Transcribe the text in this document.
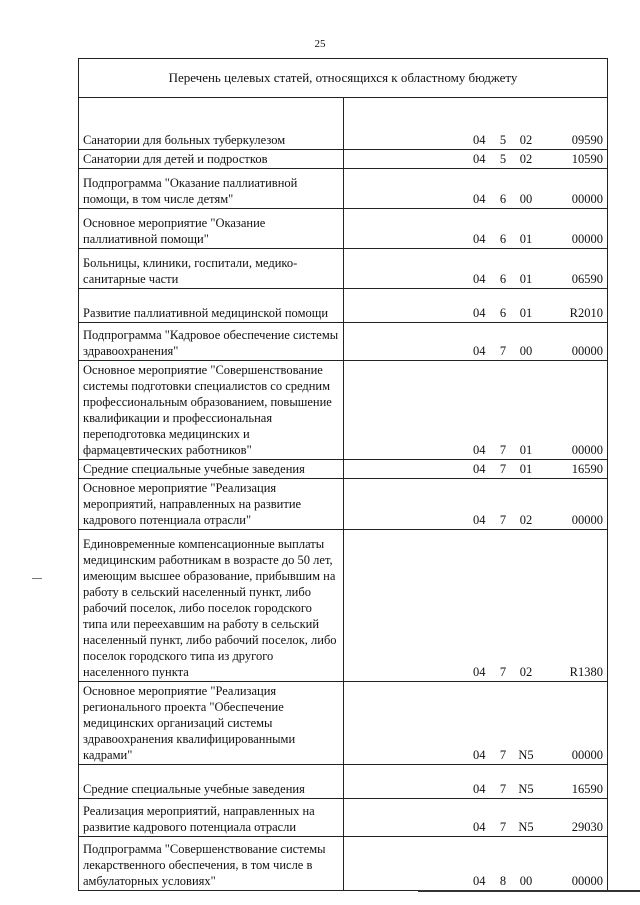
25
Перечень целевых статей, относящихся к областному бюджету	
Санатории для больных туберкулезом	04 5 02 09590
Санатории для детей и подростков	04 5 02 10590
Подпрограмма "Оказание паллиативной помощи, в том числе детям"	04 6 00 00000
Основное мероприятие "Оказание паллиативной помощи"	04 6 01 00000
Больницы, клиники, госпитали, медико-санитарные части	04 6 01 06590
Развитие паллиативной медицинской помощи	04 6 01 R2010
Подпрограмма "Кадровое обеспечение системы здравоохранения"	04 7 00 00000
Основное мероприятие "Совершенствование системы подготовки специалистов со средним профессиональным образованием, повышение квалификации и профессиональная переподготовка медицинских и фармацевтических работников"	04 7 01 00000
Средние специальные учебные заведения	04 7 01 16590
Основное мероприятие "Реализация мероприятий, направленных на развитие кадрового потенциала отрасли"	04 7 02 00000
Единовременные компенсационные выплаты медицинским работникам в возрасте до 50 лет, имеющим высшее образование, прибывшим на работу в сельский населенный пункт, либо рабочий поселок, либо поселок городского типа или переехавшим на работу в сельский населенный пункт, либо рабочий поселок, либо поселок городского типа из другого населенного пункта	04 7 02 R1380
Основное мероприятие "Реализация регионального проекта "Обеспечение медицинских организаций системы здравоохранения квалифицированными кадрами"	04 7 N5 00000
Средние специальные учебные заведения	04 7 N5 16590
Реализация мероприятий, направленных на развитие кадрового потенциала отрасли	04 7 N5 29030
Подпрограмма "Совершенствование системы лекарственного обеспечения, в том числе в амбулаторных условиях"	04 8 00 00000
